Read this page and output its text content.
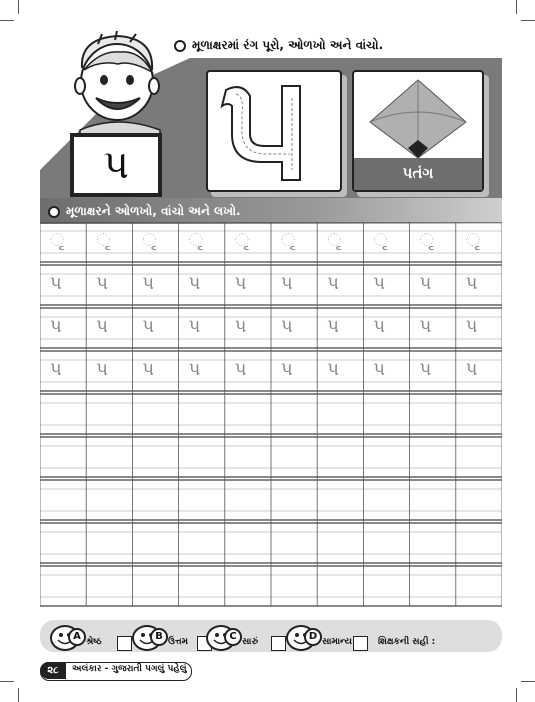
મૂળાક્ષરમાં રંગ પૂરો, ઓળખો અને વાંચો.
પ	પતંગ
મૂળાક્ષરને ઓળખો, વાંચો અને લખો.
ૃ ૃ ૃ ૃ ૃ ૃ ૃ ૃ ૃ ૃ
પ પ પ પ પ પ પ પ પ પ
પ પ પ પ પ પ પ પ પ પ
પ પ પ પ પ પ પ પ પ પ
A શ્રેષ્ઠ	B ઉત્તમ	C સારું	D સામાન્ય	શિક્ષકની સહી :
૨૮	અલંકાર - ગુજરાતી પગલું પહેલું
